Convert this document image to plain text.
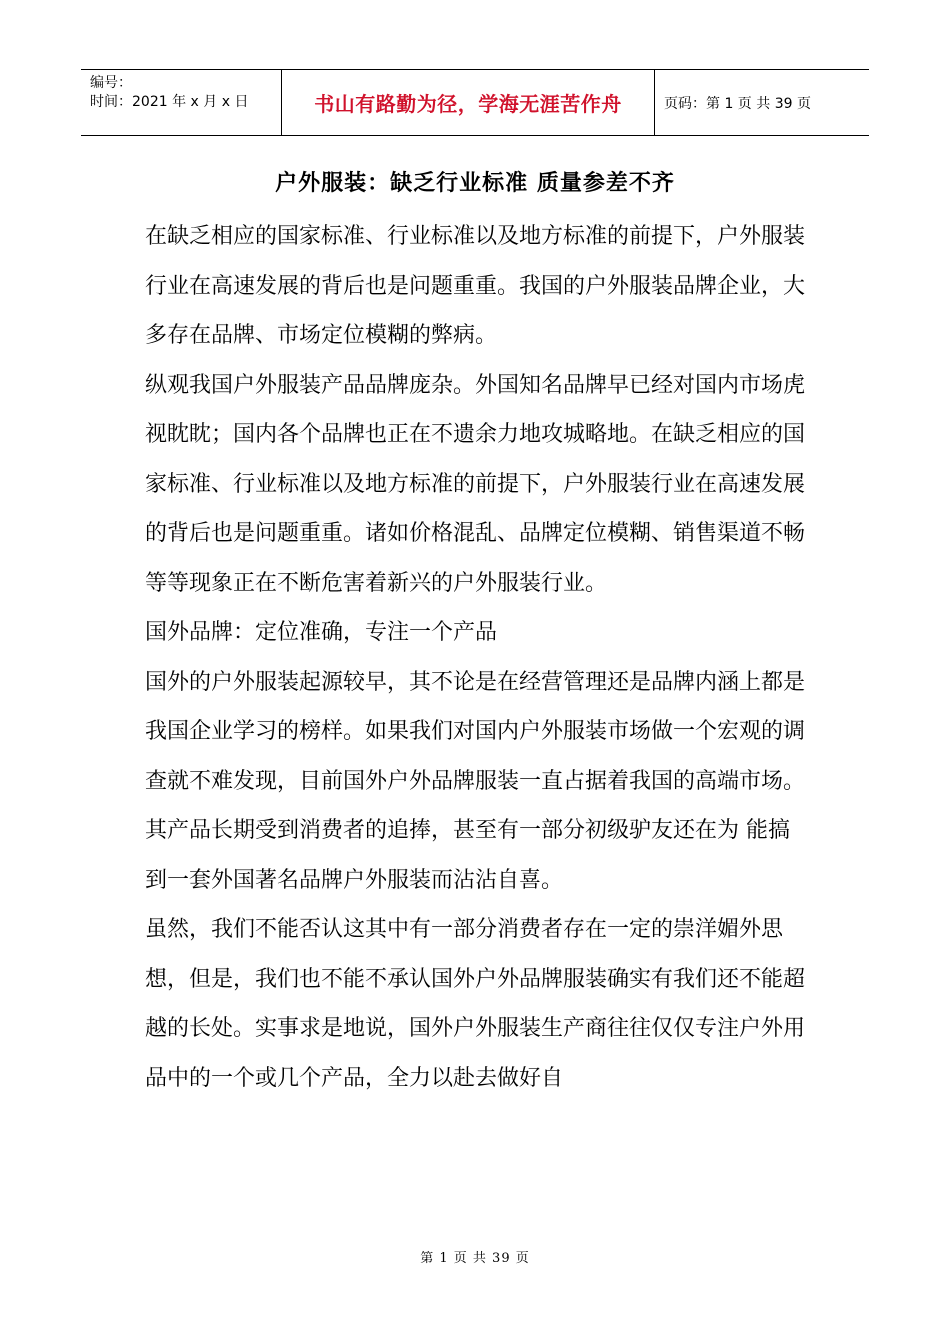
编号：
时间：2021 年 x 月 x 日	书山有路勤为径，学海无涯苦作舟	页码：第 1 页 共 39 页
户外服装：缺乏行业标准 质量参差不齐

在缺乏相应的国家标准、行业标准以及地方标准的前提下，户外服装行业在高速发展的背后也是问题重重。我国的户外服装品牌企业，大多存在品牌、市场定位模糊的弊病。

纵观我国户外服装产品品牌庞杂。外国知名品牌早已经对国内市场虎视眈眈；国内各个品牌也正在不遗余力地攻城略地。在缺乏相应的国家标准、行业标准以及地方标准的前提下，户外服装行业在高速发展的背后也是问题重重。诸如价格混乱、品牌定位模糊、销售渠道不畅等等现象正在不断危害着新兴的户外服装行业。

国外品牌：定位准确，专注一个产品

国外的户外服装起源较早，其不论是在经营管理还是品牌内涵上都是我国企业学习的榜样。如果我们对国内户外服装市场做一个宏观的调查就不难发现，目前国外户外品牌服装一直占据着我国的高端市场。其产品长期受到消费者的追捧，甚至有一部分初级驴友还在为 能搞到一套外国著名品牌户外服装而沾沾自喜。

虽然，我们不能否认这其中有一部分消费者存在一定的崇洋媚外思想，但是，我们也不能不承认国外户外品牌服装确实有我们还不能超越的长处。实事求是地说，国外户外服装生产商往往仅仅专注户外用品中的一个或几个产品，全力以赴去做好自

第 1 页 共 39 页
